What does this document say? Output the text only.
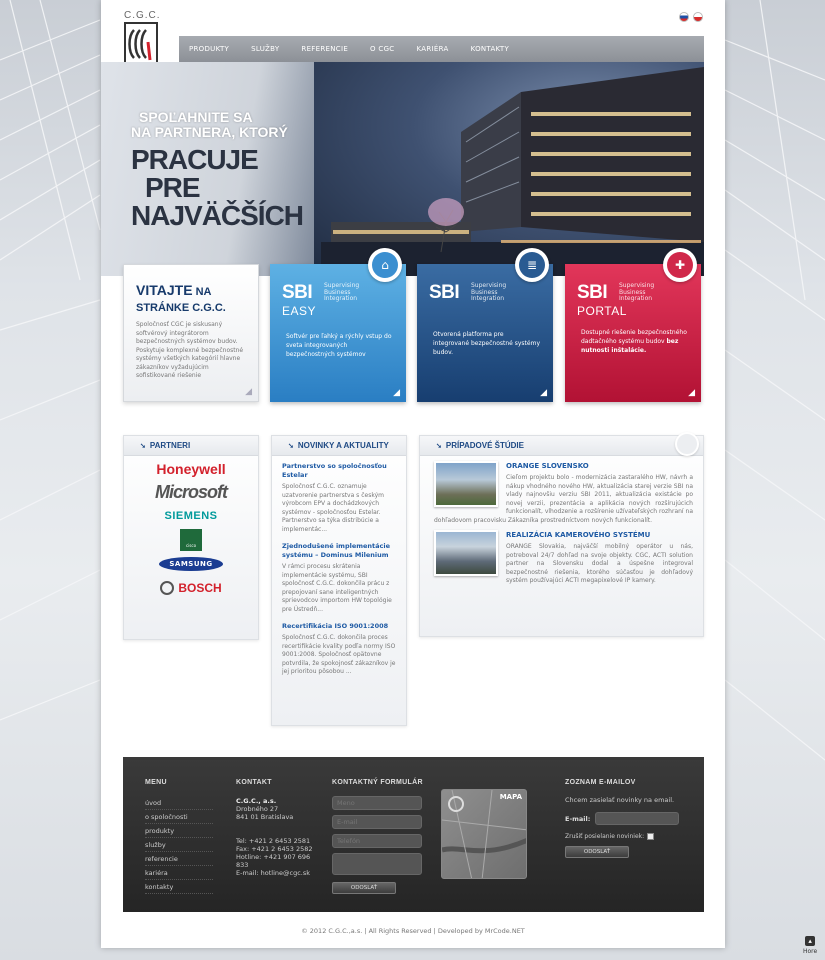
C.G.C.
PRODUKTY	SLUŽBY	REFERENCIE	O CGC	KARIÉRA	KONTAKTY
SPOĽAHNITE SA
NA PARTNERA, KTORÝ
PRACUJE
PRE
NAJVÄČŠÍCH
VITAJTE NA
STRÁNKE C.G.C.
Spoločnosť CGC je siskusaný softvérový integrátorom bezpečnostných systémov budov. Poskytuje komplexné bezpečnostné systémy všetkých kategórií hlavne zákazníkov vyžadujúcim sofistikované riešenie
◢
⌂
SBI Supervising
Business
Integration
EASY
Softvér pre ľahký a rýchly vstup do sveta integrovaných bezpečnostných systémov
◢
≣
SBI Supervising
Business
Integration
Otvorená platforma pre integrované bezpečnostné systémy budov.
◢
✚
SBI Supervising
Business
Integration
PORTAL
Dostupné riešenie bezpečnostného dadtačného systému budov bez nutnosti inštalácie.
◢
➘ PARTNERI
Honeywell
Microsoft
SIEMENS
cisco
SAMSUNG
BOSCH
➘ NOVINKY A AKTUALITY
Partnerstvo so spoločnosťou Estelar
Spoločnosť C.G.C. oznamuje uzatvorenie partnerstva s českým výrobcom EPV a dochádzkových systémov - spoločnosťou Estelar. Partnerstvo sa týka distribúcie a implementác...
Zjednodušené implementácie systému – Dominus Milenium
V rámci procesu skrátenia implementácie systému, SBI spoločnosť C.G.C. dokončila prácu z prepojovaní sane inteligentných sprievodcov importom HW topológie pre Ústredň...
Recertifikácia ISO 9001:2008
Spoločnosť C.G.C. dokončila proces recertifikácie kvality podľa normy ISO 9001:2008. Spoločnosť opätovne potvrdila, že spokojnosť zákazníkov je jej prioritou pôsobou ...
➘ PRÍPADOVÉ ŠTÚDIE
ORANGE SLOVENSKO
Cieľom projektu bolo - modernizácia zastaralého HW, návrh a nákup vhodného nového HW, aktualizácia starej verzie SBI na vlady najnovšiu verziu SBI 2011, aktualizácia existácie po novej verzii, prezentácia a aplikácia nových rozšírujúcich funkcionalít, vlhodzenie a rozšírenie užívateľských rozhraní na dohľadovom pracovisku Zákazníka prostredníctvom nových funkcionalít.
REALIZÁCIA KAMEROVÉHO SYSTÉMU
ORANGE Slovakia, najväčší mobilný operátor u nás, potreboval 24/7 dohľad na svoje objekty. CGC, ACTI solution partner na Slovensku dodal a úspešne integroval bezpečnostné riešenia, ktorého súčasťou je dohľadový systém používajúci ACTI megapixelové IP kamery.
MENU
úvod
o spoločnosti
produkty
služby
referencie
kariéra
kontakty
KONTAKT
C.G.C., a.s.
Drobného 27
841 01 Bratislava
Tel: +421 2 6453 2581
Fax: +421 2 6453 2582
Hotline: +421 907 696 833
E-mail: hotline@cgc.sk
KONTAKTNÝ FORMULÁR
Meno E-mail Telefón  ODOSLAŤ
MAPA
ZOZNAM E-MAILOV
Chcem zasielať novinky na email.
E-mail:
Zrušiť posielanie noviniek:
ODOSLAŤ
© 2012 C.G.C.,a.s. | All Rights Reserved | Developed by MrCode.NET
▴
Hore
